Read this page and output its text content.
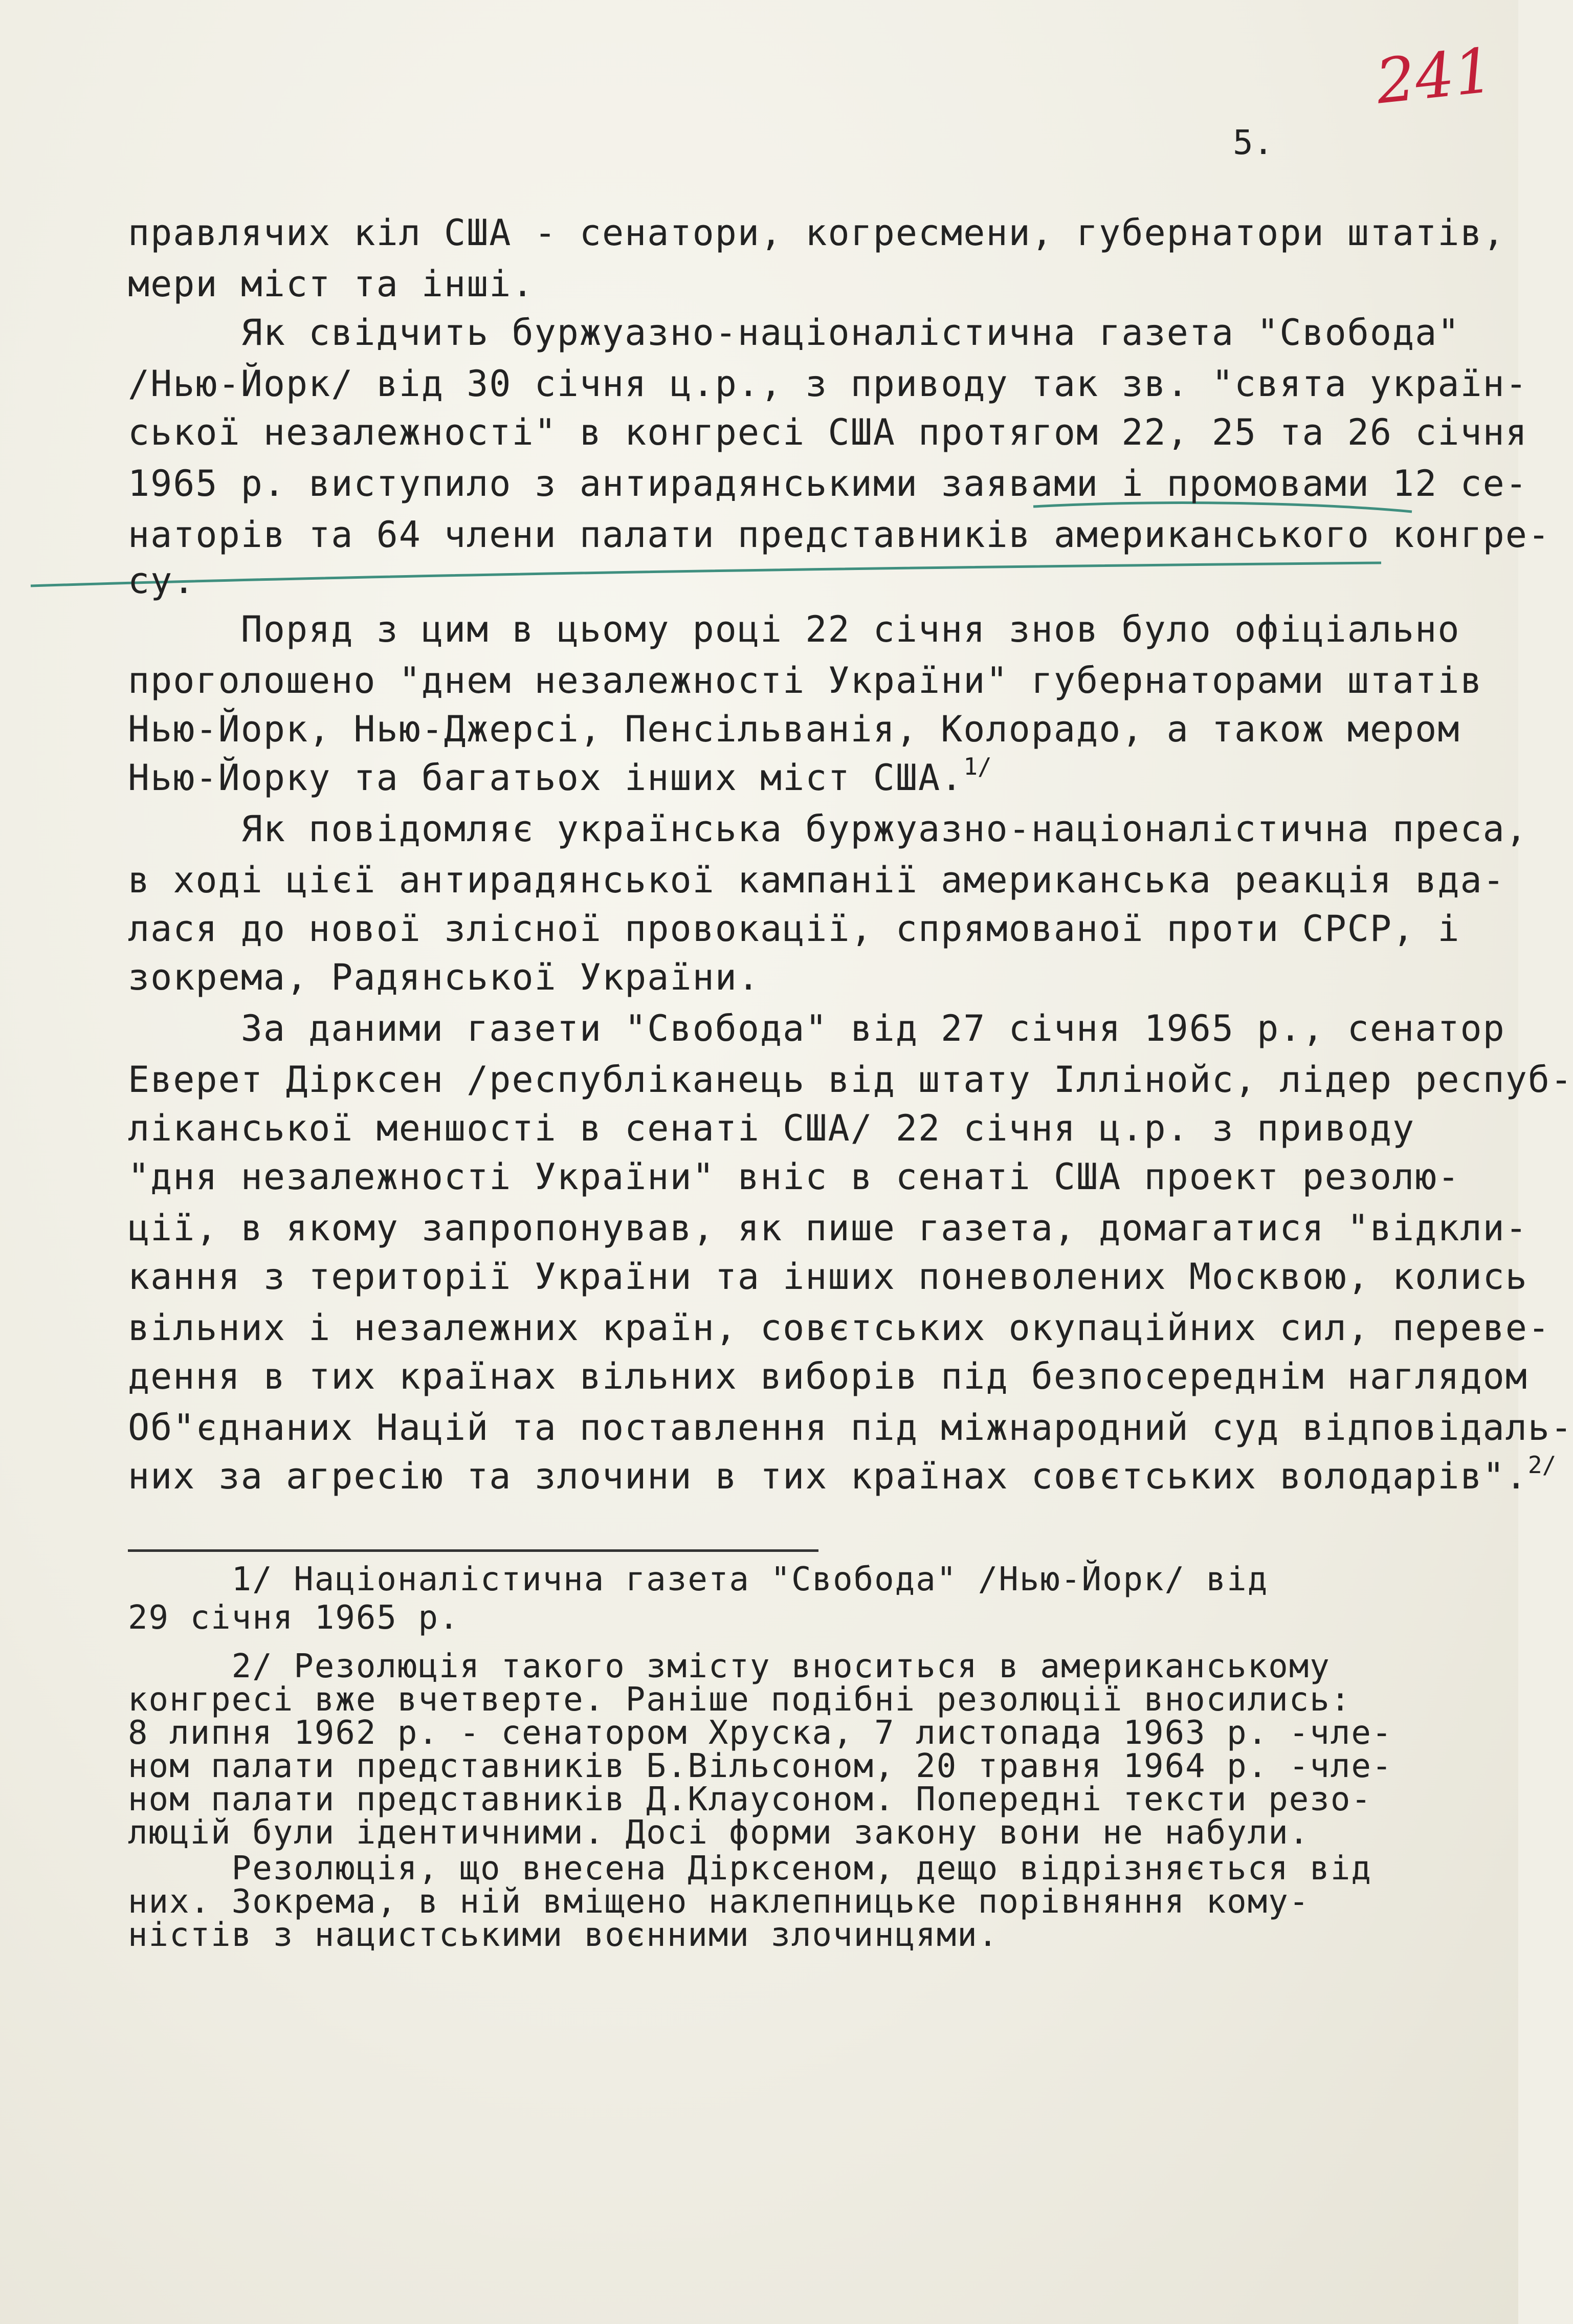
241
5.
правлячих кіл США - сенатори, когресмени, губернатори штатів,
мери міст та інші.
Як свідчить буржуазно-націоналістична газета "Свобода"
/Нью-Йорк/ від 30 січня ц.р., з приводу так зв. "свята україн-
ської незалежності" в конгресі США протягом 22, 25 та 26 січня
1965 р. виступило з антирадянськими заявами і промовами 12 се-
наторів та 64 члени палати представників американського конгре-
су.
Поряд з цим в цьому році 22 січня знов було офіціально
проголошено "днем незалежності України" губернаторами штатів
Нью-Йорк, Нью-Джерсі, Пенсільванія, Колорадо, а також мером
Нью-Йорку та багатьох інших міст США.$^{1/}$
Як повідомляє українська буржуазно-націоналістична преса,
в ході цієї антирадянської кампанії американська реакція вда-
лася до нової злісної провокації, спрямованої проти СРСР, і
зокрема, Радянської України.
За даними газети "Свобода" від 27 січня 1965 р., сенатор
Еверет Дірксен /республіканець від штату Іллінойс, лідер респуб-
ліканської меншості в сенаті США/ 22 січня ц.р. з приводу
"дня незалежності України" вніс в сенаті США проект резолю-
ції, в якому запропонував, як пише газета, домагатися "відкли-
кання з території України та інших поневолених Москвою, колись
вільних і незалежних країн, совєтських окупаційних сил, переве-
дення в тих країнах вільних виборів під безпосереднім наглядом
Об"єднаних Націй та поставлення під міжнародний суд відповідаль-
них за агресію та злочини в тих країнах совєтських володарів".$^{2/}$
1/ Націоналістична газета "Свобода" /Нью-Йорк/ від
29 січня 1965 р.
2/ Резолюція такого змісту вноситься в американському
конгресі вже вчетверте. Раніше подібні резолюції вносились:
8 липня 1962 р. - сенатором Хруска, 7 листопада 1963 р. -чле-
ном палати представників Б.Вільсоном, 20 травня 1964 р. -чле-
ном палати представників Д.Клаусоном. Попередні тексти резо-
люцій були ідентичними. Досі форми закону вони не набули.
Резолюція, що внесена Дірксеном, дещо відрізняється від
них. Зокрема, в ній вміщено наклепницьке порівняння кому-
ністів з нацистськими воєнними злочинцями.
